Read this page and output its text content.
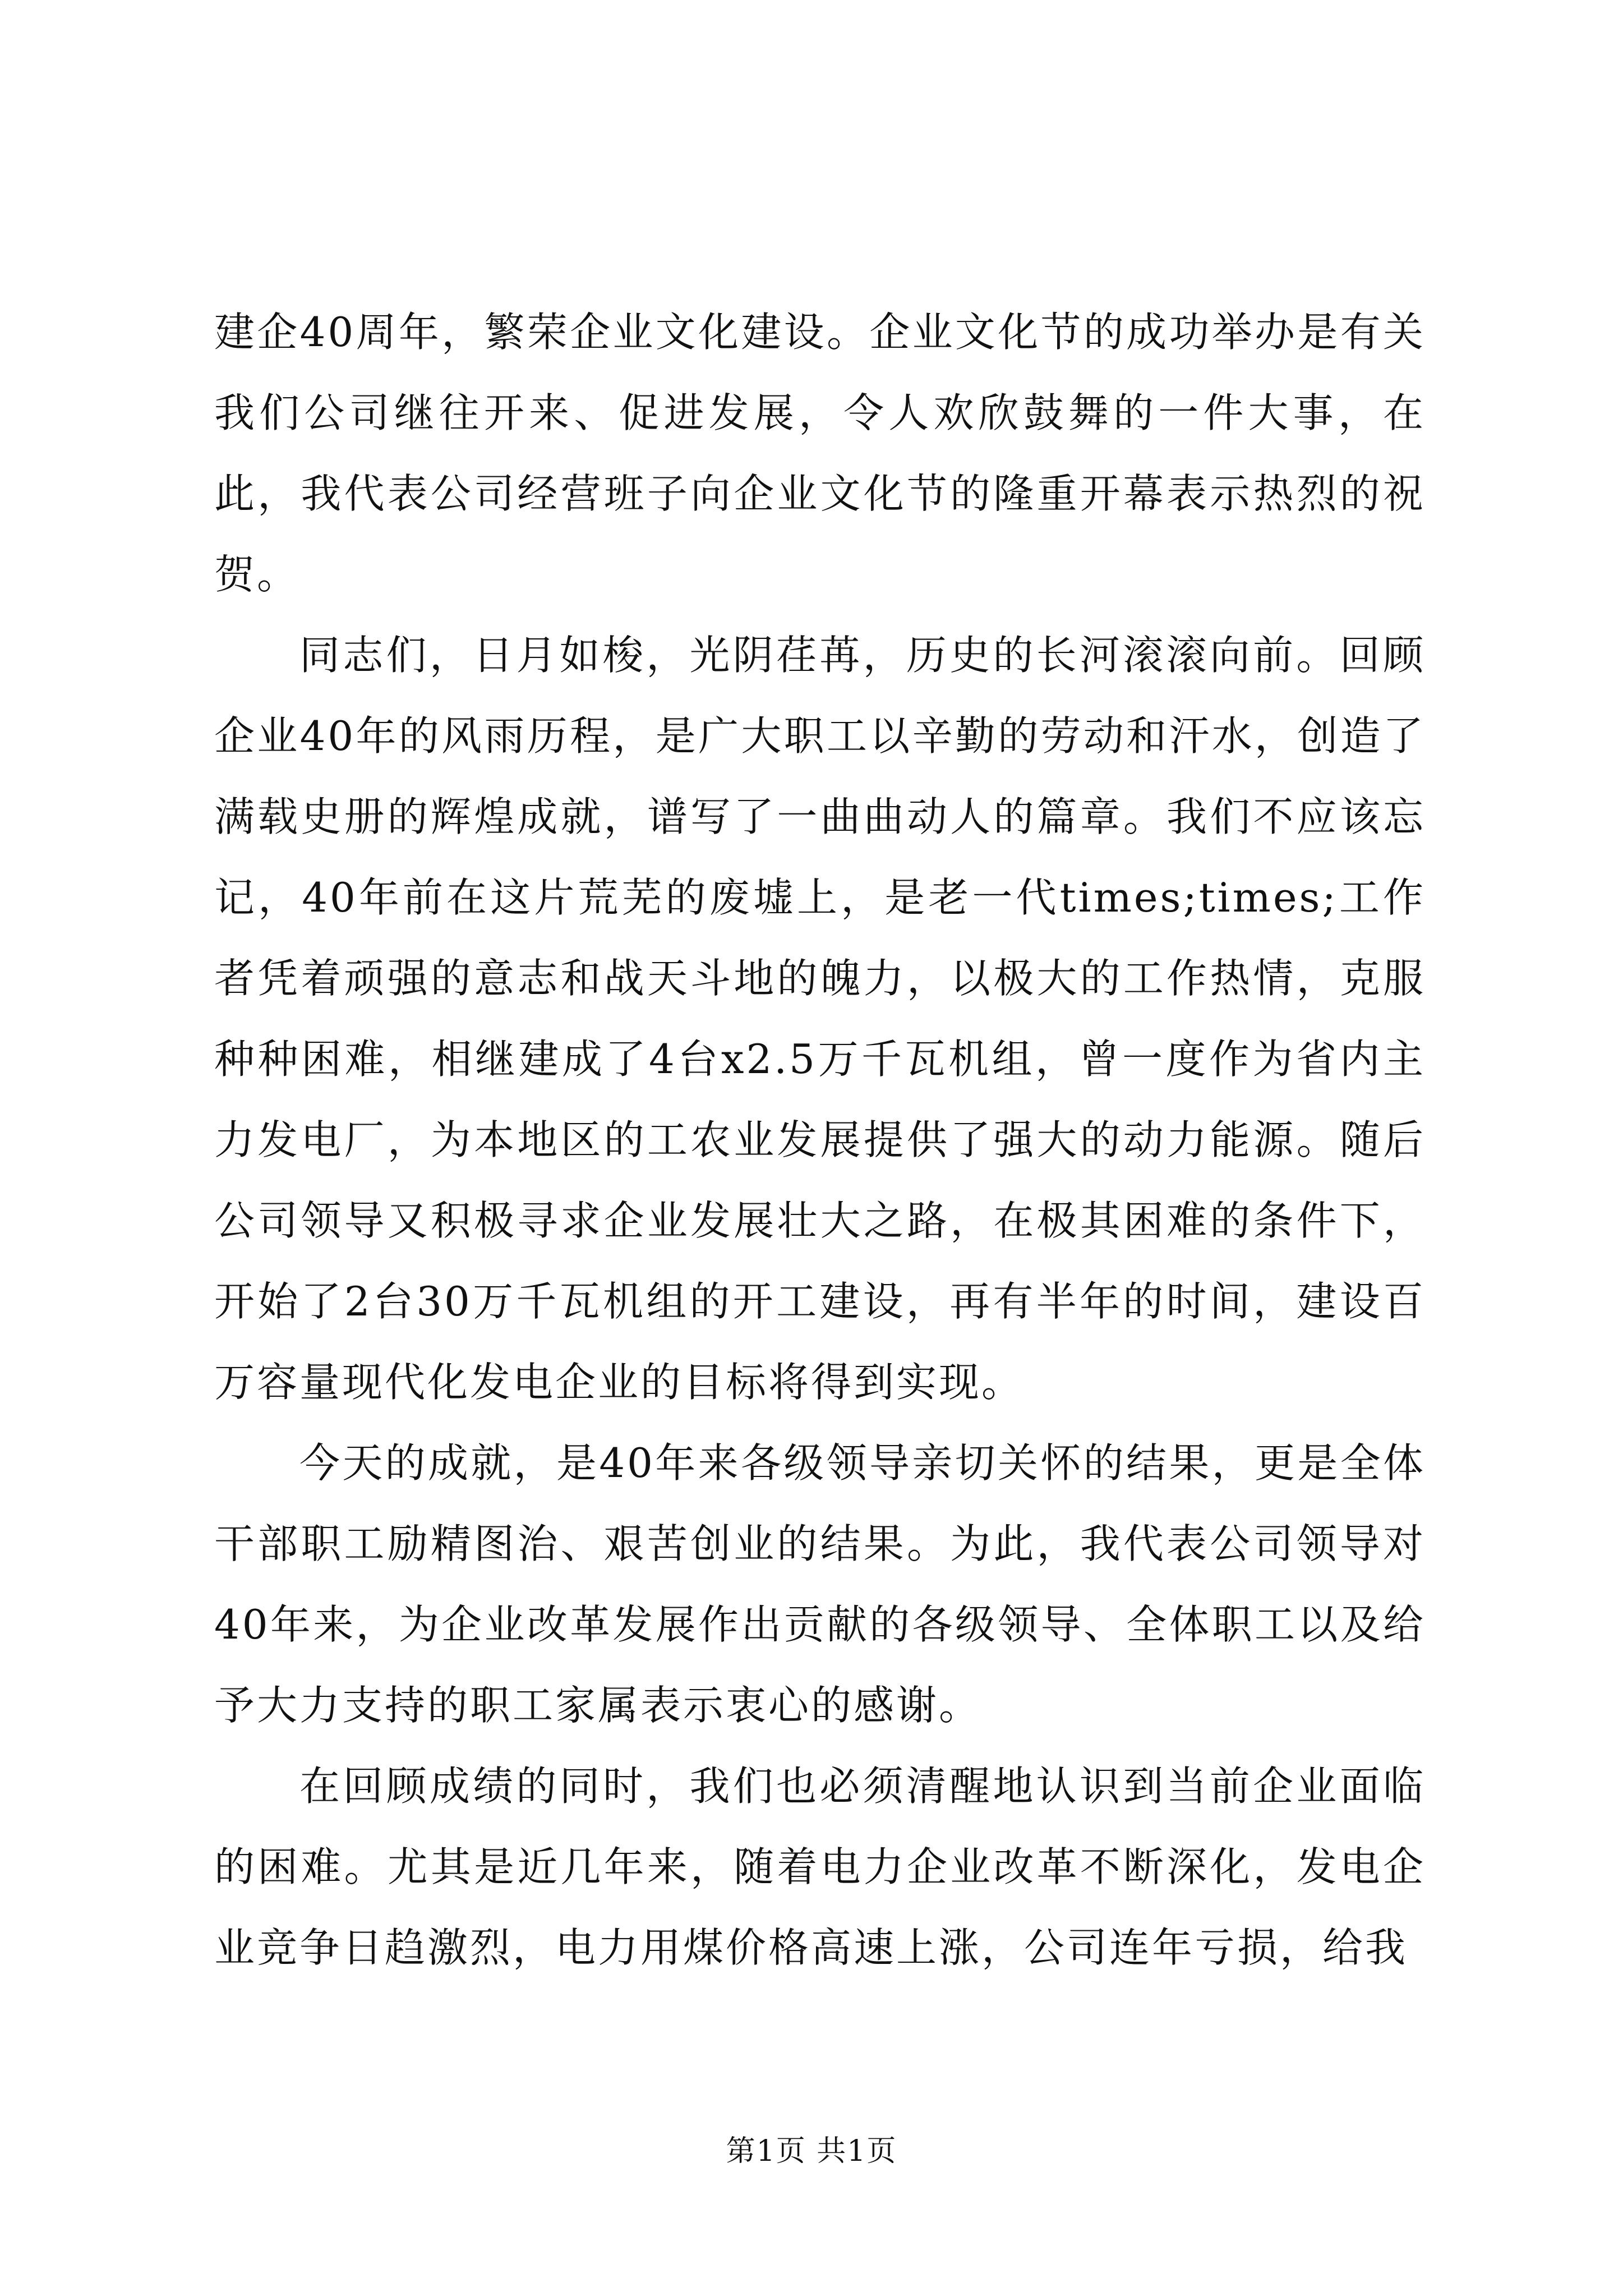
建企40周年，繁荣企业文化建设。企业文化节的成功举办是有关我们公司继往开来、促进发展，令人欢欣鼓舞的一件大事，在此，我代表公司经营班子向企业文化节的隆重开幕表示热烈的祝贺。

同志们，日月如梭，光阴荏苒，历史的长河滚滚向前。回顾企业40年的风雨历程，是广大职工以辛勤的劳动和汗水，创造了满载史册的辉煌成就，谱写了一曲曲动人的篇章。我们不应该忘记，40年前在这片荒芜的废墟上，是老一代times;times;工作者凭着顽强的意志和战天斗地的魄力，以极大的工作热情，克服种种困难，相继建成了4台x2.5万千瓦机组，曾一度作为省内主力发电厂，为本地区的工农业发展提供了强大的动力能源。随后公司领导又积极寻求企业发展壮大之路，在极其困难的条件下，开始了2台30万千瓦机组的开工建设，再有半年的时间，建设百万容量现代化发电企业的目标将得到实现。

今天的成就，是40年来各级领导亲切关怀的结果，更是全体干部职工励精图治、艰苦创业的结果。为此，我代表公司领导对40年来，为企业改革发展作出贡献的各级领导、全体职工以及给予大力支持的职工家属表示衷心的感谢。

在回顾成绩的同时，我们也必须清醒地认识到当前企业面临的困难。尤其是近几年来，随着电力企业改革不断深化，发电企业竞争日趋激烈，电力用煤价格高速上涨，公司连年亏损，给我

第1页 共1页
